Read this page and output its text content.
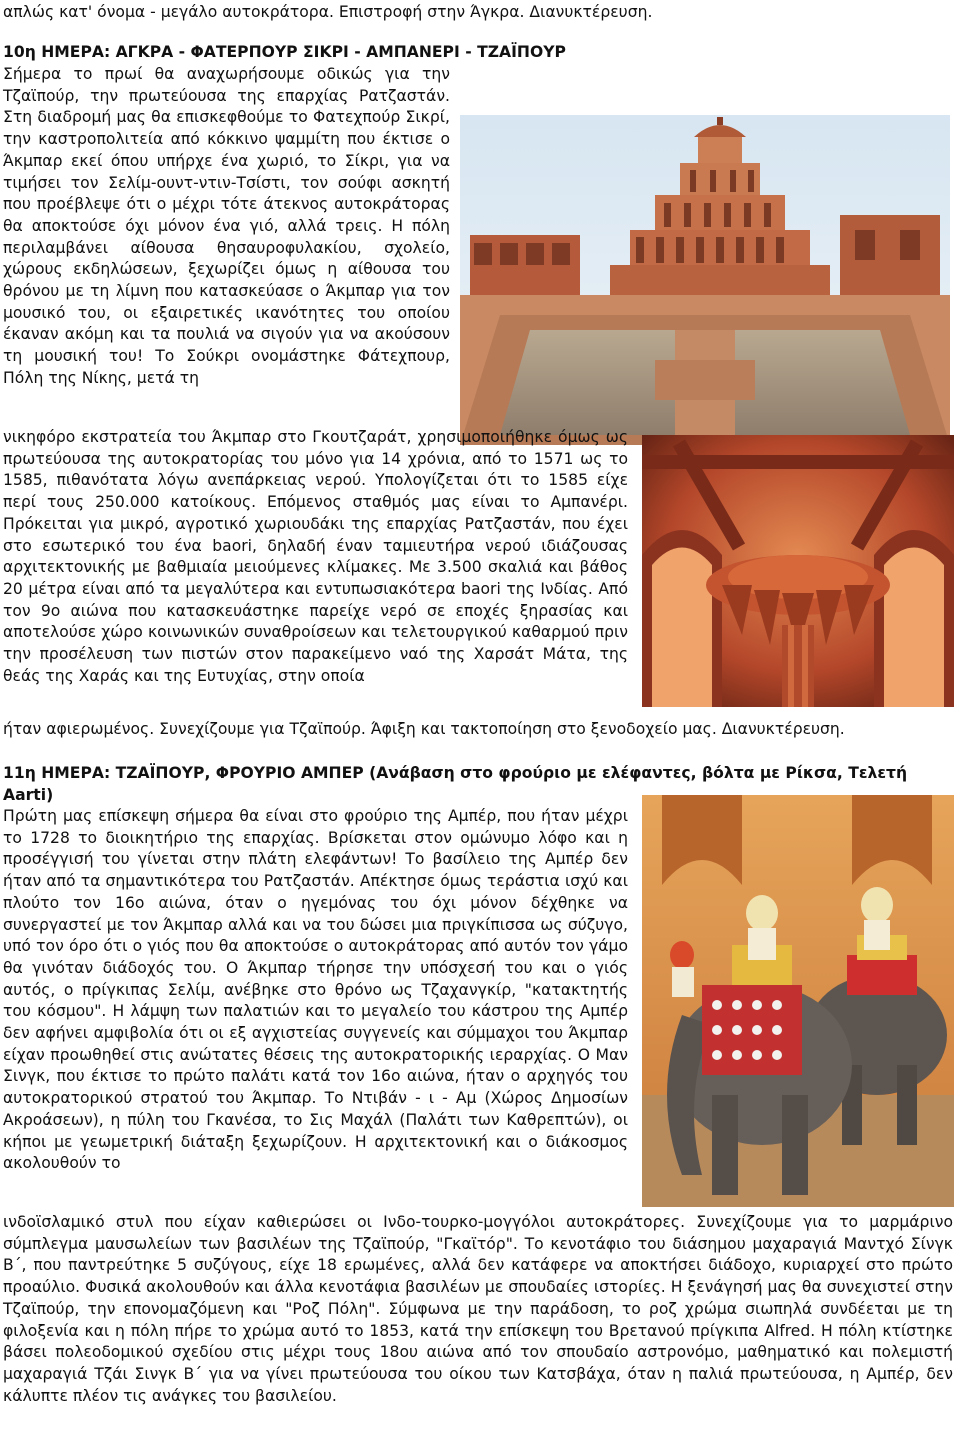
απλώς κατ' όνομα - μεγάλο αυτοκράτορα. Επιστροφή στην Άγκρα. Διανυκτέρευση.

10η ΗΜΕΡΑ: ΑΓΚΡΑ - ΦΑΤΕΡΠΟΥΡ ΣΙΚΡΙ - ΑΜΠΑΝΕΡΙ - ΤΖΑΪΠΟΥΡ

Σήμερα το πρωί θα αναχωρήσουμε οδικώς για την Τζαϊπούρ, την πρωτεύουσα της επαρχίας Ρατζαστάν. Στη διαδρομή μας θα επισκεφθούμε το Φατεχπούρ Σικρί, την καστροπολιτεία από κόκκινο ψαμμίτη που έκτισε ο Άκμπαρ εκεί όπου υπήρχε ένα χωριό, το Σίκρι, για να τιμήσει τον Σελίμ-ουντ-ντιν-Τσίστι, τον σούφι ασκητή που προέβλεψε ότι ο μέχρι τότε άτεκνος αυτοκράτορας θα αποκτούσε όχι μόνον ένα γιό, αλλά τρεις. Η πόλη περιλαμβάνει αίθουσα θησαυροφυλακίου, σχολείο, χώρους εκδηλώσεων, ξεχωρίζει όμως η αίθουσα του θρόνου με τη λίμνη που κατασκεύασε ο Άκμπαρ για τον μουσικό του, οι εξαιρετικές ικανότητες του οποίου έκαναν ακόμη και τα πουλιά να σιγούν για να ακούσουν τη μουσική του! Το Σούκρι ονομάστηκε Φάτεχπουρ, Πόλη της Νίκης, μετά τη

νικηφόρο εκστρατεία του Άκμπαρ στο Γκουτζαράτ, χρησιμοποιήθηκε όμως ως πρωτεύουσα της αυτοκρατορίας του μόνο για 14 χρόνια, από το 1571 ως το 1585, πιθανότατα λόγω ανεπάρκειας νερού. Υπολογίζεται ότι το 1585 είχε περί τους 250.000 κατοίκους. Επόμενος σταθμός μας είναι το Αμπανέρι. Πρόκειται για μικρό, αγροτικό χωριουδάκι της επαρχίας Ρατζαστάν, που έχει στο εσωτερικό του ένα baori, δηλαδή έναν ταμιευτήρα νερού ιδιάζουσας αρχιτεκτονικής με βαθμιαία μειούμενες κλίμακες. Με 3.500 σκαλιά και βάθος 20 μέτρα είναι από τα μεγαλύτερα και εντυπωσιακότερα baori της Ινδίας. Από τον 9ο αιώνα που κατασκευάστηκε παρείχε νερό σε εποχές ξηρασίας και αποτελούσε χώρο κοινωνικών συναθροίσεων και τελετουργικού καθαρμού πριν την προσέλευση των πιστών στον παρακείμενο ναό της Χαρσάτ Μάτα, της θεάς της Χαράς και της Ευτυχίας, στην οποία

ήταν αφιερωμένος. Συνεχίζουμε για Τζαϊπούρ. Άφιξη και τακτοποίηση στο ξενοδοχείο μας. Διανυκτέρευση.

11η ΗΜΕΡΑ: ΤΖΑΪΠΟΥΡ, ΦΡΟΥΡΙΟ ΑΜΠΕΡ (Ανάβαση στο φρούριο με ελέφαντες, βόλτα με Ρίκσα, Τελετή Aarti)

Πρώτη μας επίσκεψη σήμερα θα είναι στο φρούριο της Αμπέρ, που ήταν μέχρι το 1728 το διοικητήριο της επαρχίας. Βρίσκεται στον ομώνυμο λόφο και η προσέγγισή του γίνεται στην πλάτη ελεφάντων! Το βασίλειο της Αμπέρ δεν ήταν από τα σημαντικότερα του Ρατζαστάν. Απέκτησε όμως τεράστια ισχύ και πλούτο τον 16ο αιώνα, όταν ο ηγεμόνας του όχι μόνον δέχθηκε να συνεργαστεί με τον Άκμπαρ αλλά και να του δώσει μια πριγκίπισσα ως σύζυγο, υπό τον όρο ότι ο γιός που θα αποκτούσε ο αυτοκράτορας από αυτόν τον γάμο θα γινόταν διάδοχός του. Ο Άκμπαρ τήρησε την υπόσχεσή του και ο γιός αυτός, ο πρίγκιπας Σελίμ, ανέβηκε στο θρόνο ως Τζαχανγκίρ, "κατακτητής του κόσμου". Η λάμψη των παλατιών και το μεγαλείο του κάστρου της Αμπέρ δεν αφήνει αμφιβολία ότι οι εξ αγχιστείας συγγενείς και σύμμαχοι του Άκμπαρ είχαν προωθηθεί στις ανώτατες θέσεις της αυτοκρατορικής ιεραρχίας. Ο Μαν Σινγκ, που έκτισε το πρώτο παλάτι κατά τον 16ο αιώνα, ήταν ο αρχηγός του αυτοκρατορικού στρατού του Άκμπαρ. Το Ντιβάν - ι - Αμ (Χώρος Δημοσίων Ακροάσεων), η πύλη του Γκανέσα, το Σις Μαχάλ (Παλάτι των Καθρεπτών), οι κήποι με γεωμετρική διάταξη ξεχωρίζουν. Η αρχιτεκτονική και ο διάκοσμος ακολουθούν το

ινδοϊσλαμικό στυλ που είχαν καθιερώσει οι Ινδο-τουρκο-μογγόλοι αυτοκράτορες. Συνεχίζουμε για το μαρμάρινο σύμπλεγμα μαυσωλείων των βασιλέων της Τζαϊπούρ, "Γκαϊτόρ". Το κενοτάφιο του διάσημου μαχαραγιά Μαντχό Σίνγκ Β΄, που παντρεύτηκε 5 συζύγους, είχε 18 ερωμένες, αλλά δεν κατάφερε να αποκτήσει διάδοχο, κυριαρχεί στο πρώτο προαύλιο. Φυσικά ακολουθούν και άλλα κενοτάφια βασιλέων με σπουδαίες ιστορίες. Η ξενάγησή μας θα συνεχιστεί στην Τζαϊπούρ, την επονομαζόμενη και "Ροζ Πόλη". Σύμφωνα με την παράδοση, το ροζ χρώμα σιωπηλά συνδέεται με τη φιλοξενία και η πόλη πήρε το χρώμα αυτό το 1853, κατά την επίσκεψη του Βρετανού πρίγκιπα Alfred. Η πόλη κτίστηκε βάσει πολεοδομικού σχεδίου στις μέχρι τους 18ου αιώνα από τον σπουδαίο αστρονόμο, μαθηματικό και πολεμιστή μαχαραγιά Τζάι Σινγκ Β΄ για να γίνει πρωτεύουσα του οίκου των Κατσβάχα, όταν η παλιά πρωτεύουσα, η Αμπέρ, δεν κάλυπτε πλέον τις ανάγκες του βασιλείου.
